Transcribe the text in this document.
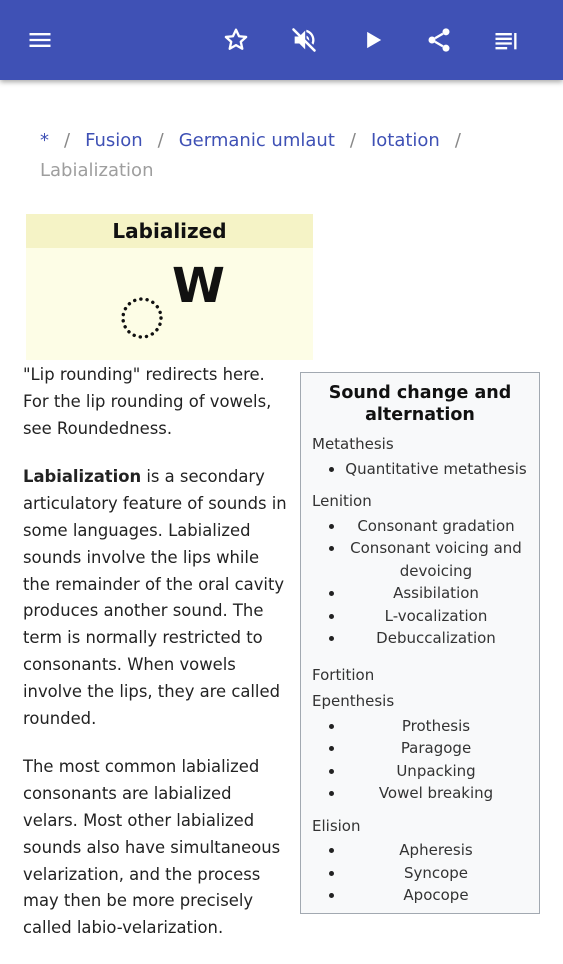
* / Fusion / Germanic umlaut / Iotation /
Labialization
Labialized
W

"Lip rounding" redirects here. For the lip rounding of vowels, see Roundedness.

Labialization is a secondary articulatory feature of sounds in some languages. Labialized sounds involve the lips while the remainder of the oral cavity produces another sound. The term is normally restricted to consonants. When vowels involve the lips, they are called rounded.

The most common labialized consonants are labialized velars. Most other labialized sounds also have simultaneous velarization, and the process may then be more precisely called labio-velarization.

Sound change and alternation
Metathesis
Quantitative metathesis
Lenition
Consonant gradation
Consonant voicing and devoicing
Assibilation
L-vocalization
Debuccalization
Fortition
Epenthesis
Prothesis
Paragoge
Unpacking
Vowel breaking
Elision
Apheresis
Syncope
Apocope
